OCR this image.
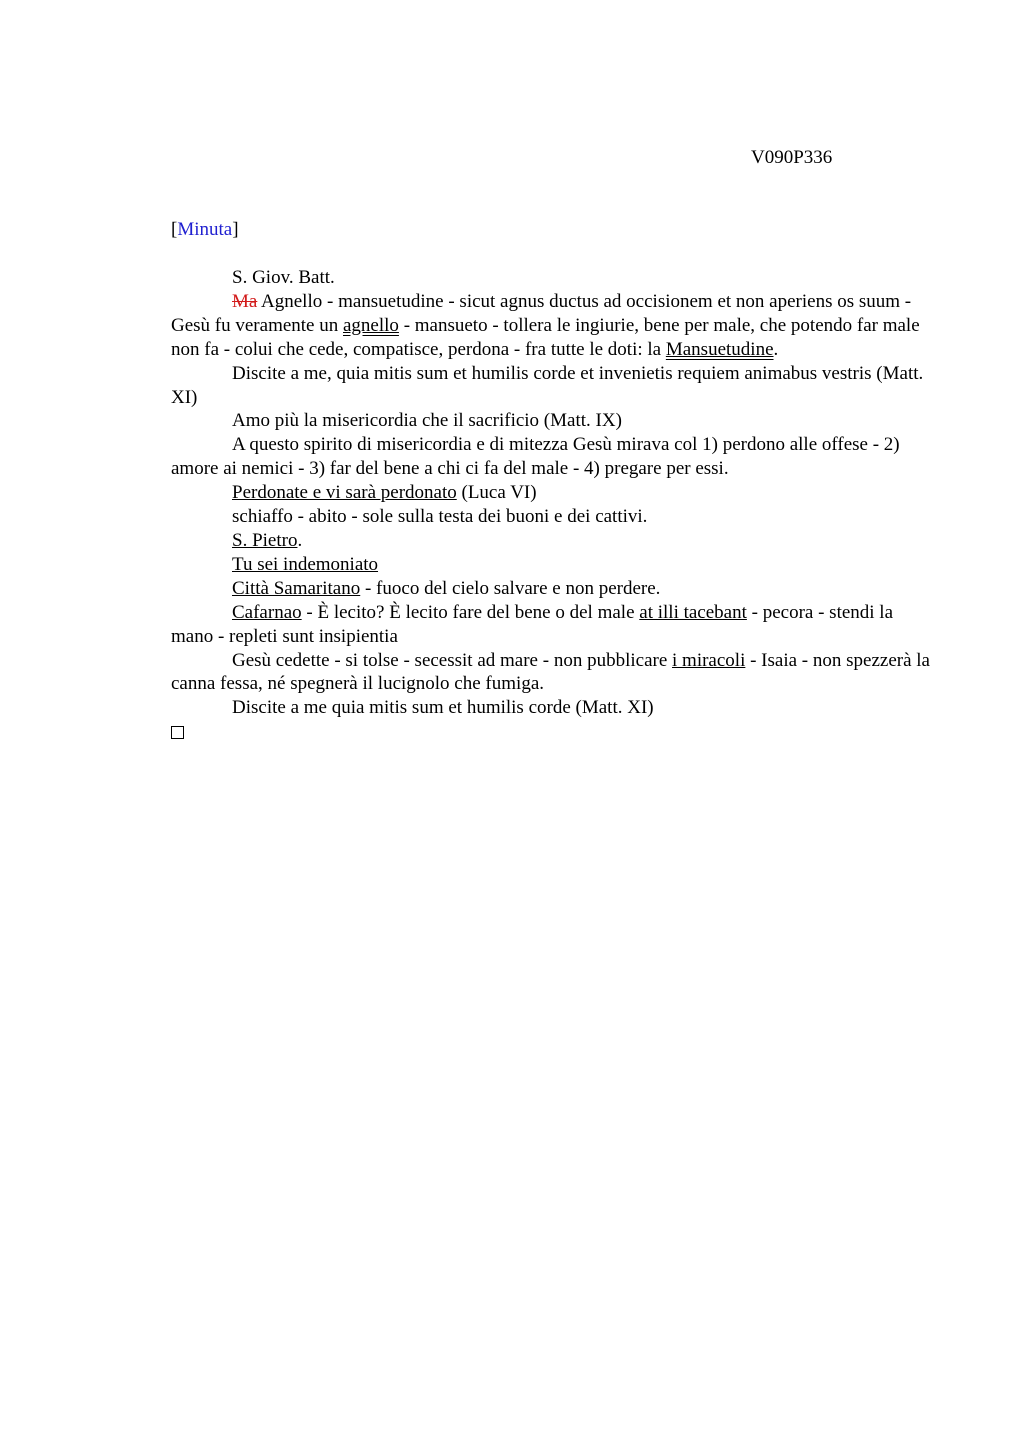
V090P336
[Minuta]

S. Giov. Batt.

Ma Agnello - mansuetudine - sicut agnus ductus ad occisionem et non aperiens os suum - Gesù fu veramente un agnello - mansueto - tollera le ingiurie, bene per male, che potendo far male non fa - colui che cede, compatisce, perdona - fra tutte le doti: la Mansuetudine.

Discite a me, quia mitis sum et humilis corde et invenietis requiem animabus vestris (Matt. XI)

Amo più la misericordia che il sacrificio (Matt. IX)

A questo spirito di misericordia e di mitezza Gesù mirava col 1) perdono alle offese - 2) amore ai nemici - 3) far del bene a chi ci fa del male - 4) pregare per essi.

Perdonate e vi sarà perdonato (Luca VI)

schiaffo - abito - sole sulla testa dei buoni e dei cattivi.

S. Pietro.

Tu sei indemoniato

Città Samaritano - fuoco del cielo salvare e non perdere.

Cafarnao - È lecito? È lecito fare del bene o del male at illi tacebant - pecora - stendi la mano - repleti sunt insipientia

Gesù cedette - si tolse - secessit ad mare - non pubblicare i miracoli - Isaia - non spezzerà la canna fessa, né spegnerà il lucignolo che fumiga.

Discite a me quia mitis sum et humilis corde (Matt. XI)
